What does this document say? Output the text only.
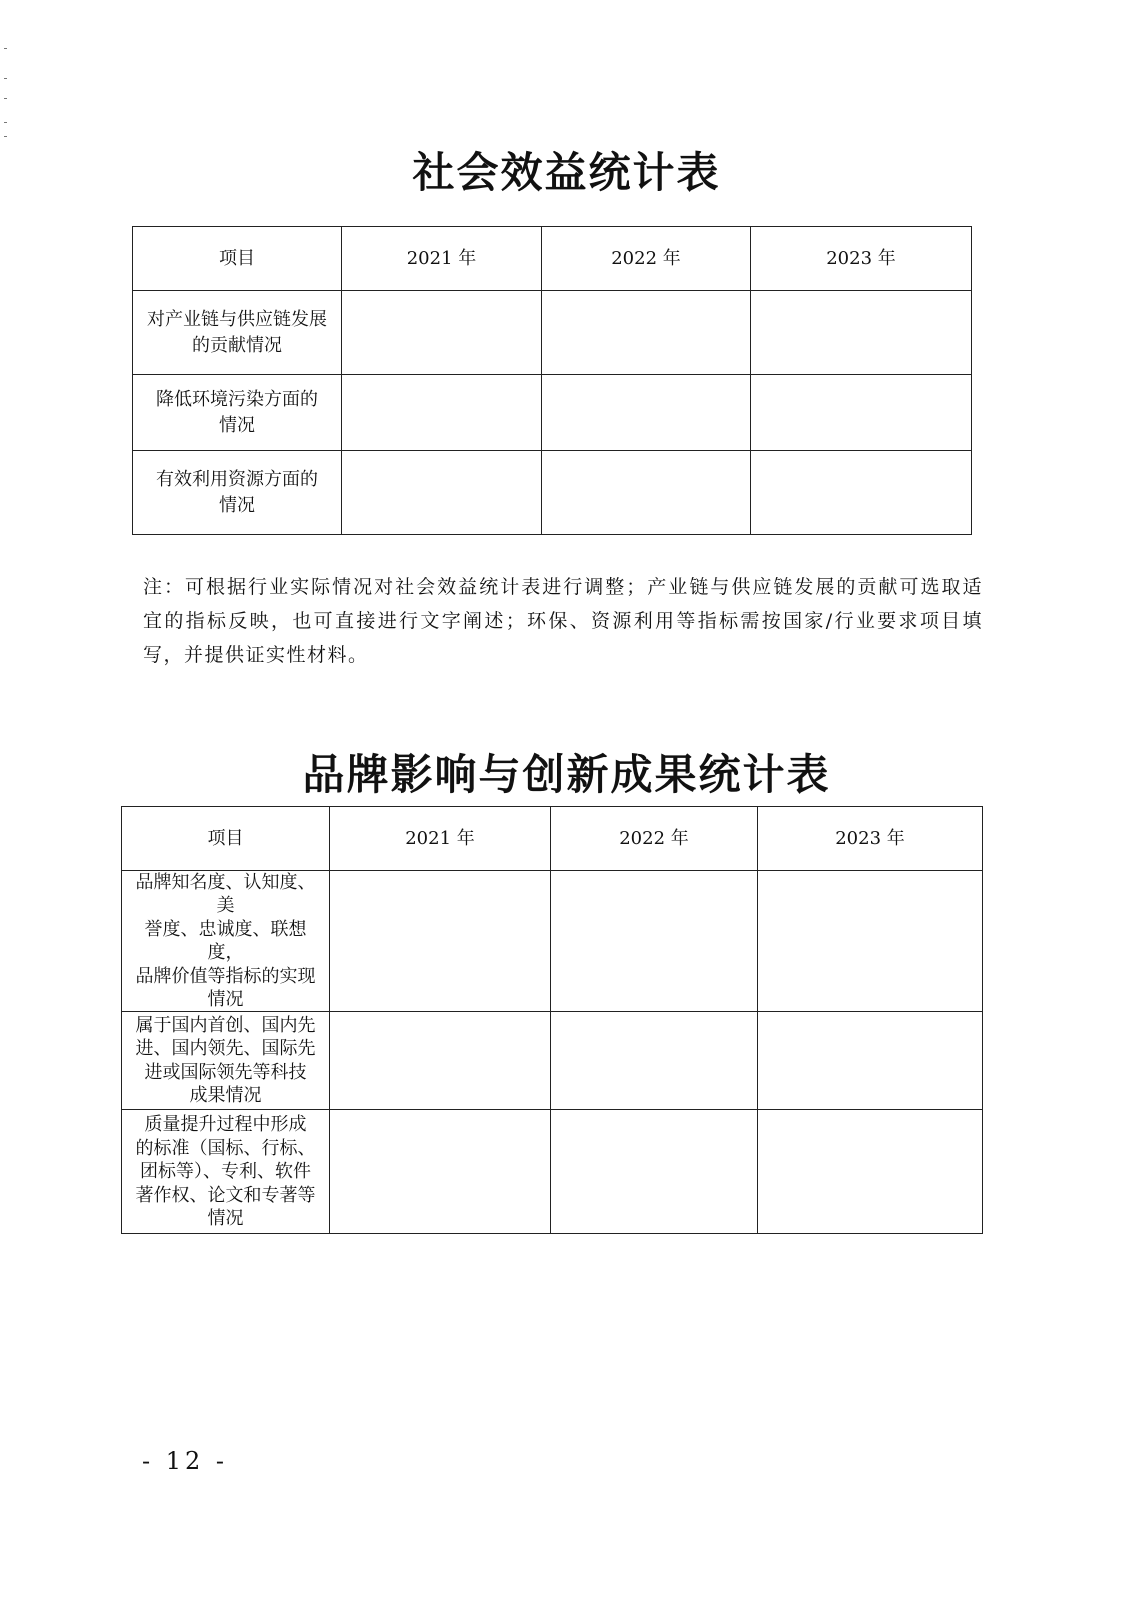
社会效益统计表
项目	2021 年	2022 年	2023 年

对产业链与供应链发展
的贡献情况			

降低环境污染方面的
情况			

有效利用资源方面的
情况			

注：可根据行业实际情况对社会效益统计表进行调整；产业链与供应链发展的贡献可选取适宜的指标反映，也可直接进行文字阐述；环保、资源利用等指标需按国家/行业要求项目填写，并提供证实性材料。

品牌影响与创新成果统计表
项目	2021 年	2022 年	2023 年

品牌知名度、认知度、美
誉度、忠诚度、联想度，
品牌价值等指标的实现
情况			

属于国内首创、国内先
进、国内领先、国际先
进或国际领先等科技
成果情况			

质量提升过程中形成
的标准（国标、行标、
团标等）、专利、软件
著作权、论文和专著等
情况			

- 12 -
